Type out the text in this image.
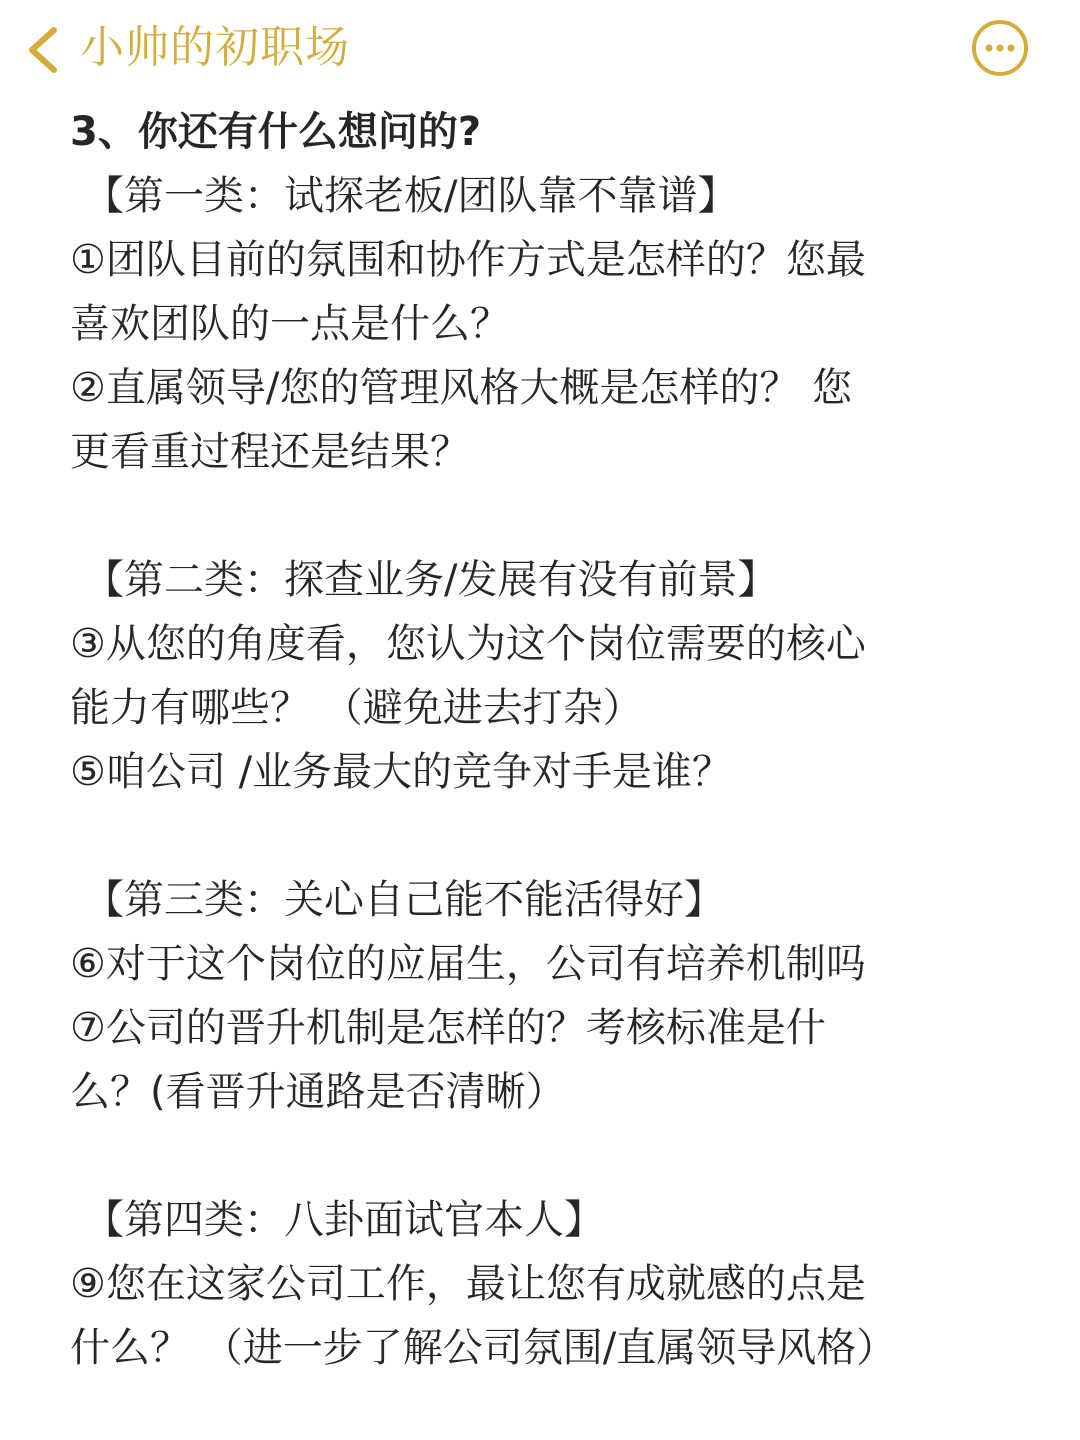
小帅的初职场
3、你还有什么想问的?
【第一类：试探老板/团队靠不靠谱】
①团队目前的氛围和协作方式是怎样的？您最
喜欢团队的一点是什么？
②直属领导/您的管理风格大概是怎样的？ 您
更看重过程还是结果？
【第二类：探查业务/发展有没有前景】
③从您的角度看，您认为这个岗位需要的核心
能力有哪些？ （避免进去打杂）
⑤咱公司 /业务最大的竞争对手是谁？
【第三类：关心自己能不能活得好】
⑥对于这个岗位的应届生，公司有培养机制吗
⑦公司的晋升机制是怎样的？考核标准是什
么？(看晋升通路是否清晰）
【第四类：八卦面试官本人】
⑨您在这家公司工作，最让您有成就感的点是
什么？ （进一步了解公司氛围/直属领导风格）
